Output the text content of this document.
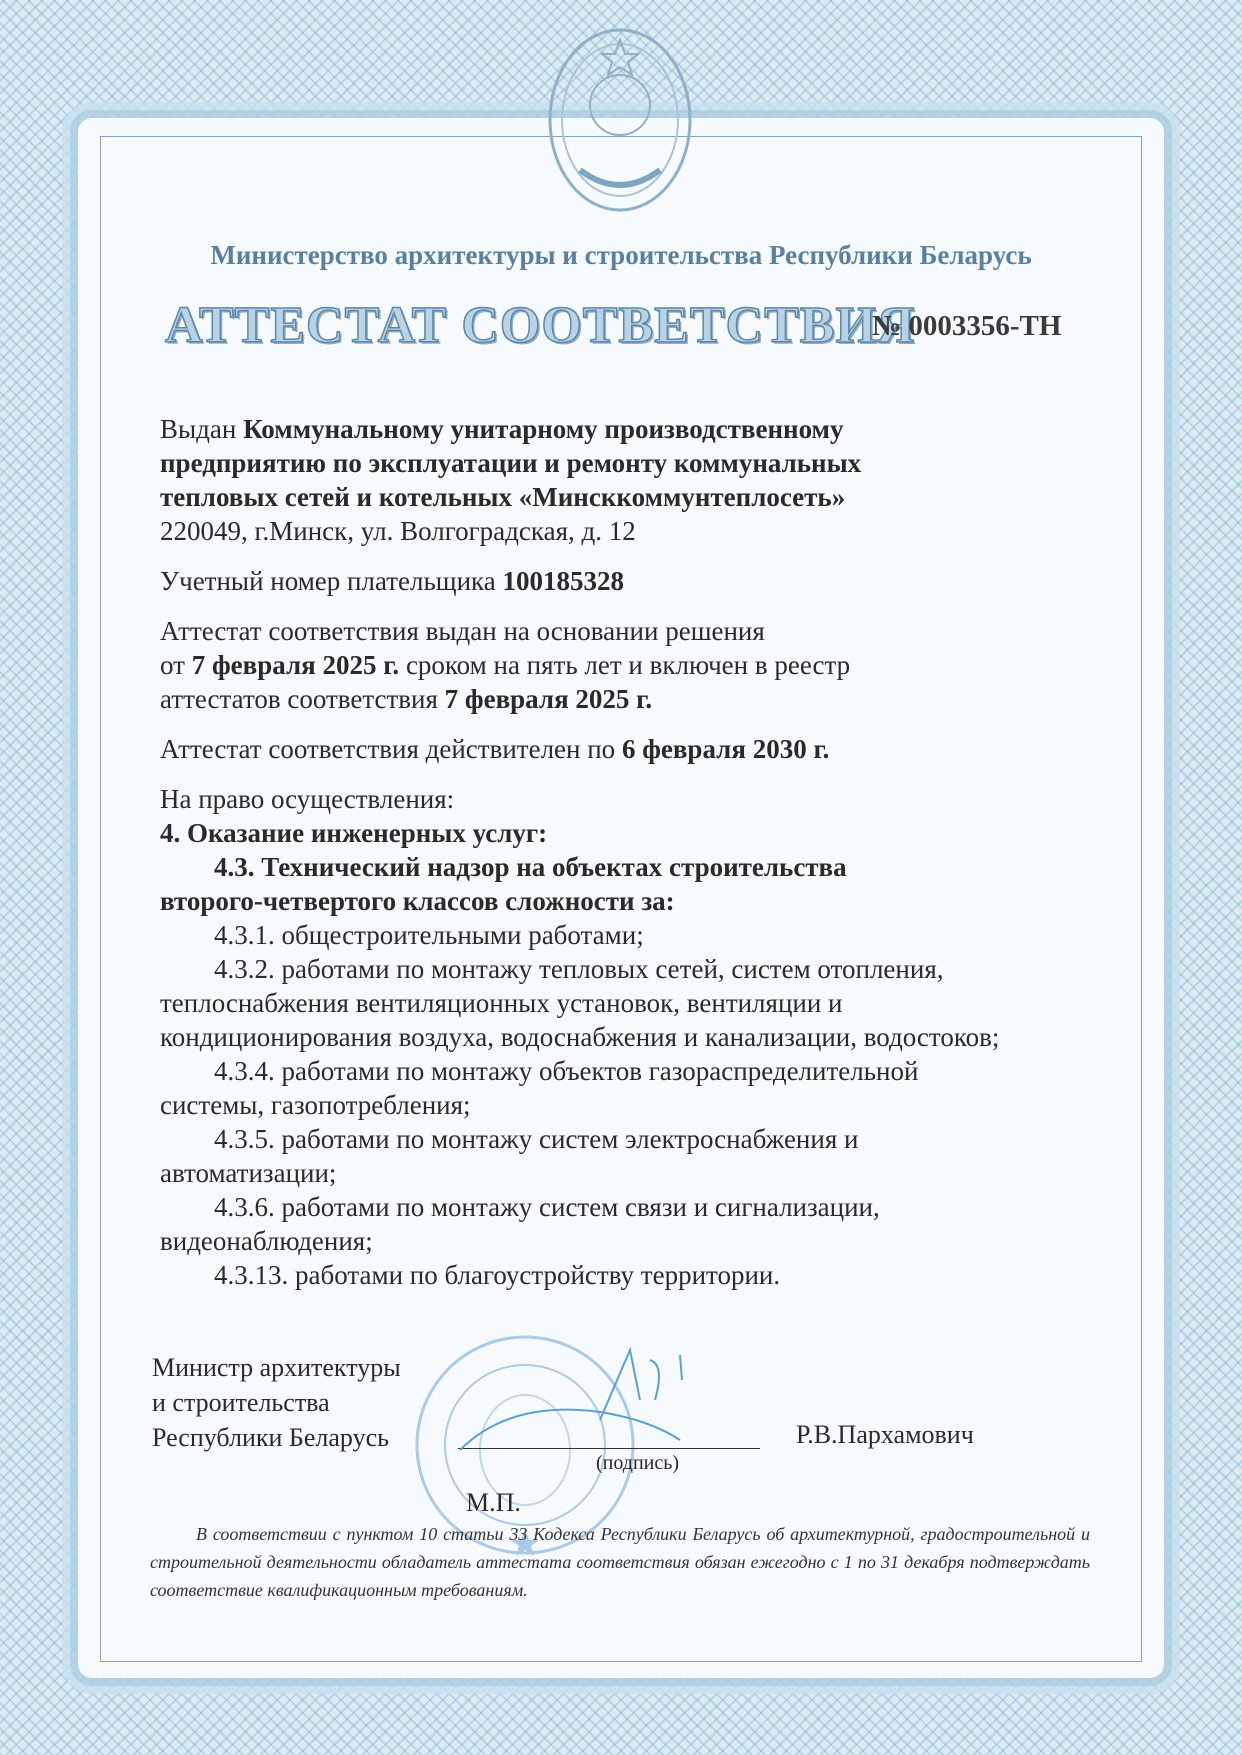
Министерство архитектуры и строительства Республики Беларусь
АТТЕСТАТ СООТВЕТСТВИЯ
№ 0003356-ТН
Выдан Коммунальному унитарному производственному
предприятию по эксплуатации и ремонту коммунальных
тепловых сетей и котельных «Минсккоммунтеплосеть»
220049, г.Минск, ул. Волгоградская, д. 12
Учетный номер плательщика 100185328
Аттестат соответствия выдан на основании решения
от 7 февраля 2025 г. сроком на пять лет и включен в реестр
аттестатов соответствия 7 февраля 2025 г.
Аттестат соответствия действителен по 6 февраля 2030 г.
На право осуществления:
4. Оказание инженерных услуг:
4.3. Технический надзор на объектах строительства
второго-четвертого классов сложности за:
4.3.1. общестроительными работами;
4.3.2. работами по монтажу тепловых сетей, систем отопления,
теплоснабжения вентиляционных установок, вентиляции и
кондиционирования воздуха, водоснабжения и канализации, водостоков;
4.3.4. работами по монтажу объектов газораспределительной
системы, газопотребления;
4.3.5. работами по монтажу систем электроснабжения и
автоматизации;
4.3.6. работами по монтажу систем связи и сигнализации,
видеонаблюдения;
4.3.13. работами по благоустройству территории.
Министр архитектуры
и строительства
Республики Беларусь
(подпись)
Р.В.Пархамович
М.П.
В соответствии с пунктом 10 статьи 33 Кодекса Республики Беларусь об архитектурной, градостроительной и строительной деятельности обладатель аттестата соответствия обязан ежегодно с 1 по 31 декабря подтверждать соответствие квалификационным требованиям.
